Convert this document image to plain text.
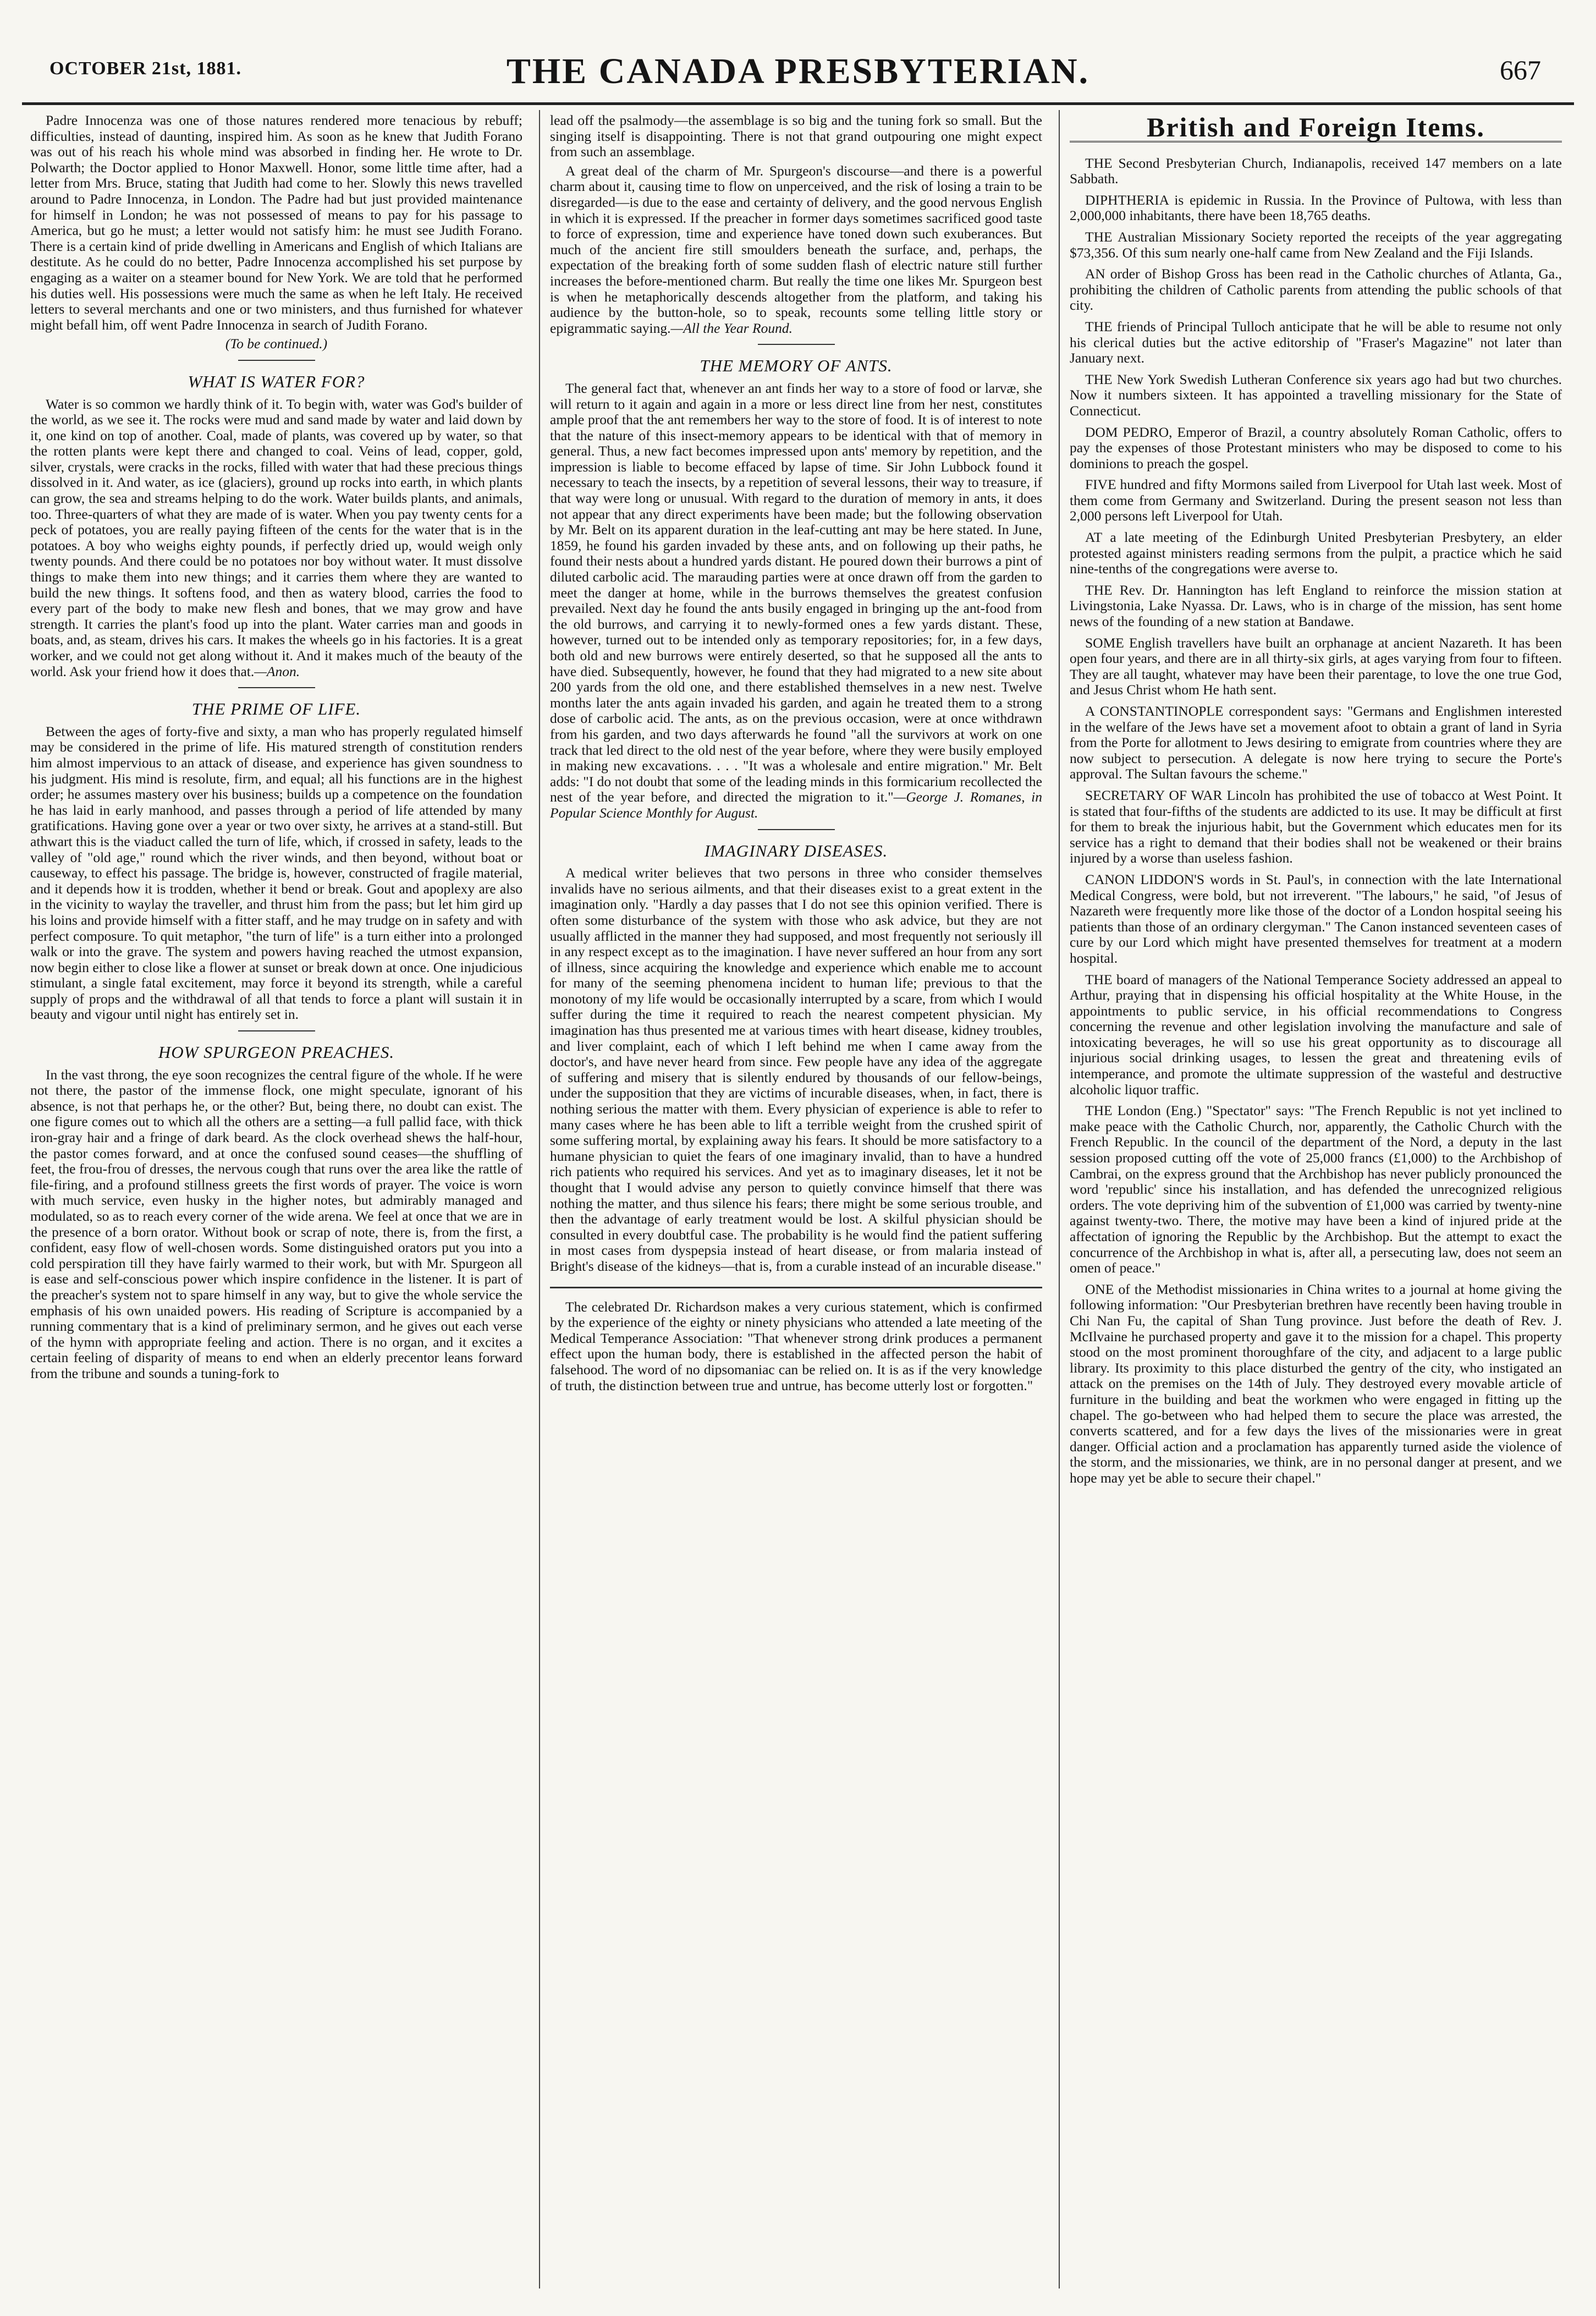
OCTOBER 21st, 1881.	THE CANADA PRESBYTERIAN.	667

Padre Innocenza was one of those natures rendered more tenacious by rebuff; difficulties, instead of daunting, inspired him. As soon as he knew that Judith Forano was out of his reach his whole mind was absorbed in finding her. He wrote to Dr. Polwarth; the Doctor applied to Honor Maxwell. Honor, some little time after, had a letter from Mrs. Bruce, stating that Judith had come to her. Slowly this news travelled around to Padre Innocenza, in London. The Padre had but just provided maintenance for himself in London; he was not possessed of means to pay for his passage to America, but go he must; a letter would not satisfy him: he must see Judith Forano. There is a certain kind of pride dwelling in Americans and English of which Italians are destitute. As he could do no better, Padre Innocenza accomplished his set purpose by engaging as a waiter on a steamer bound for New York. We are told that he performed his duties well. His possessions were much the same as when he left Italy. He received letters to several merchants and one or two ministers, and thus furnished for whatever might befall him, off went Padre Innocenza in search of Judith Forano.

(To be continued.)

WHAT IS WATER FOR?

Water is so common we hardly think of it. To begin with, water was God's builder of the world, as we see it. The rocks were mud and sand made by water and laid down by it, one kind on top of another. Coal, made of plants, was covered up by water, so that the rotten plants were kept there and changed to coal. Veins of lead, copper, gold, silver, crystals, were cracks in the rocks, filled with water that had these precious things dissolved in it. And water, as ice (glaciers), ground up rocks into earth, in which plants can grow, the sea and streams helping to do the work. Water builds plants, and animals, too. Three-quarters of what they are made of is water. When you pay twenty cents for a peck of potatoes, you are really paying fifteen of the cents for the water that is in the potatoes. A boy who weighs eighty pounds, if perfectly dried up, would weigh only twenty pounds. And there could be no potatoes nor boy without water. It must dissolve things to make them into new things; and it carries them where they are wanted to build the new things. It softens food, and then as watery blood, carries the food to every part of the body to make new flesh and bones, that we may grow and have strength. It carries the plant's food up into the plant. Water carries man and goods in boats, and, as steam, drives his cars. It makes the wheels go in his factories. It is a great worker, and we could not get along without it. And it makes much of the beauty of the world. Ask your friend how it does that.—Anon.

THE PRIME OF LIFE.

Between the ages of forty-five and sixty, a man who has properly regulated himself may be considered in the prime of life. His matured strength of constitution renders him almost impervious to an attack of disease, and experience has given soundness to his judgment. His mind is resolute, firm, and equal; all his functions are in the highest order; he assumes mastery over his business; builds up a competence on the foundation he has laid in early manhood, and passes through a period of life attended by many gratifications. Having gone over a year or two over sixty, he arrives at a stand-still. But athwart this is the viaduct called the turn of life, which, if crossed in safety, leads to the valley of "old age," round which the river winds, and then beyond, without boat or causeway, to effect his passage. The bridge is, however, constructed of fragile material, and it depends how it is trodden, whether it bend or break. Gout and apoplexy are also in the vicinity to waylay the traveller, and thrust him from the pass; but let him gird up his loins and provide himself with a fitter staff, and he may trudge on in safety and with perfect composure. To quit metaphor, "the turn of life" is a turn either into a prolonged walk or into the grave. The system and powers having reached the utmost expansion, now begin either to close like a flower at sunset or break down at once. One injudicious stimulant, a single fatal excitement, may force it beyond its strength, while a careful supply of props and the withdrawal of all that tends to force a plant will sustain it in beauty and vigour until night has entirely set in.

HOW SPURGEON PREACHES.

In the vast throng, the eye soon recognizes the central figure of the whole. If he were not there, the pastor of the immense flock, one might speculate, ignorant of his absence, is not that perhaps he, or the other? But, being there, no doubt can exist. The one figure comes out to which all the others are a setting—a full pallid face, with thick iron-gray hair and a fringe of dark beard. As the clock overhead shews the half-hour, the pastor comes forward, and at once the confused sound ceases—the shuffling of feet, the frou-frou of dresses, the nervous cough that runs over the area like the rattle of file-firing, and a profound stillness greets the first words of prayer. The voice is worn with much service, even husky in the higher notes, but admirably managed and modulated, so as to reach every corner of the wide arena. We feel at once that we are in the presence of a born orator. Without book or scrap of note, there is, from the first, a confident, easy flow of well-chosen words. Some distinguished orators put you into a cold perspiration till they have fairly warmed to their work, but with Mr. Spurgeon all is ease and self-conscious power which inspire confidence in the listener. It is part of the preacher's system not to spare himself in any way, but to give the whole service the emphasis of his own unaided powers. His reading of Scripture is accompanied by a running commentary that is a kind of preliminary sermon, and he gives out each verse of the hymn with appropriate feeling and action. There is no organ, and it excites a certain feeling of disparity of means to end when an elderly precentor leans forward from the tribune and sounds a tuning-fork to

lead off the psalmody—the assemblage is so big and the tuning fork so small. But the singing itself is disappointing. There is not that grand outpouring one might expect from such an assemblage.

A great deal of the charm of Mr. Spurgeon's discourse—and there is a powerful charm about it, causing time to flow on unperceived, and the risk of losing a train to be disregarded—is due to the ease and certainty of delivery, and the good nervous English in which it is expressed. If the preacher in former days sometimes sacrificed good taste to force of expression, time and experience have toned down such exuberances. But much of the ancient fire still smoulders beneath the surface, and, perhaps, the expectation of the breaking forth of some sudden flash of electric nature still further increases the before-mentioned charm. But really the time one likes Mr. Spurgeon best is when he metaphorically descends altogether from the platform, and taking his audience by the button-hole, so to speak, recounts some telling little story or epigrammatic saying.—All the Year Round.

THE MEMORY OF ANTS.

The general fact that, whenever an ant finds her way to a store of food or larvæ, she will return to it again and again in a more or less direct line from her nest, constitutes ample proof that the ant remembers her way to the store of food. It is of interest to note that the nature of this insect-memory appears to be identical with that of memory in general. Thus, a new fact becomes impressed upon ants' memory by repetition, and the impression is liable to become effaced by lapse of time. Sir John Lubbock found it necessary to teach the insects, by a repetition of several lessons, their way to treasure, if that way were long or unusual. With regard to the duration of memory in ants, it does not appear that any direct experiments have been made; but the following observation by Mr. Belt on its apparent duration in the leaf-cutting ant may be here stated. In June, 1859, he found his garden invaded by these ants, and on following up their paths, he found their nests about a hundred yards distant. He poured down their burrows a pint of diluted carbolic acid. The marauding parties were at once drawn off from the garden to meet the danger at home, while in the burrows themselves the greatest confusion prevailed. Next day he found the ants busily engaged in bringing up the ant-food from the old burrows, and carrying it to newly-formed ones a few yards distant. These, however, turned out to be intended only as temporary repositories; for, in a few days, both old and new burrows were entirely deserted, so that he supposed all the ants to have died. Subsequently, however, he found that they had migrated to a new site about 200 yards from the old one, and there established themselves in a new nest. Twelve months later the ants again invaded his garden, and again he treated them to a strong dose of carbolic acid. The ants, as on the previous occasion, were at once withdrawn from his garden, and two days afterwards he found "all the survivors at work on one track that led direct to the old nest of the year before, where they were busily employed in making new excavations. . . . "It was a wholesale and entire migration." Mr. Belt adds: "I do not doubt that some of the leading minds in this formicarium recollected the nest of the year before, and directed the migration to it."—George J. Romanes, in Popular Science Monthly for August.

IMAGINARY DISEASES.

A medical writer believes that two persons in three who consider themselves invalids have no serious ailments, and that their diseases exist to a great extent in the imagination only. "Hardly a day passes that I do not see this opinion verified. There is often some disturbance of the system with those who ask advice, but they are not usually afflicted in the manner they had supposed, and most frequently not seriously ill in any respect except as to the imagination. I have never suffered an hour from any sort of illness, since acquiring the knowledge and experience which enable me to account for many of the seeming phenomena incident to human life; previous to that the monotony of my life would be occasionally interrupted by a scare, from which I would suffer during the time it required to reach the nearest competent physician. My imagination has thus presented me at various times with heart disease, kidney troubles, and liver complaint, each of which I left behind me when I came away from the doctor's, and have never heard from since. Few people have any idea of the aggregate of suffering and misery that is silently endured by thousands of our fellow-beings, under the supposition that they are victims of incurable diseases, when, in fact, there is nothing serious the matter with them. Every physician of experience is able to refer to many cases where he has been able to lift a terrible weight from the crushed spirit of some suffering mortal, by explaining away his fears. It should be more satisfactory to a humane physician to quiet the fears of one imaginary invalid, than to have a hundred rich patients who required his services. And yet as to imaginary diseases, let it not be thought that I would advise any person to quietly convince himself that there was nothing the matter, and thus silence his fears; there might be some serious trouble, and then the advantage of early treatment would be lost. A skilful physician should be consulted in every doubtful case. The probability is he would find the patient suffering in most cases from dyspepsia instead of heart disease, or from malaria instead of Bright's disease of the kidneys—that is, from a curable instead of an incurable disease."

The celebrated Dr. Richardson makes a very curious statement, which is confirmed by the experience of the eighty or ninety physicians who attended a late meeting of the Medical Temperance Association: "That whenever strong drink produces a permanent effect upon the human body, there is established in the affected person the habit of falsehood. The word of no dipsomaniac can be relied on. It is as if the very knowledge of truth, the distinction between true and untrue, has become utterly lost or forgotten."

British and Foreign Items.

THE Second Presbyterian Church, Indianapolis, received 147 members on a late Sabbath.

DIPHTHERIA is epidemic in Russia. In the Province of Pultowa, with less than 2,000,000 inhabitants, there have been 18,765 deaths.

THE Australian Missionary Society reported the receipts of the year aggregating $73,356. Of this sum nearly one-half came from New Zealand and the Fiji Islands.

AN order of Bishop Gross has been read in the Catholic churches of Atlanta, Ga., prohibiting the children of Catholic parents from attending the public schools of that city.

THE friends of Principal Tulloch anticipate that he will be able to resume not only his clerical duties but the active editorship of "Fraser's Magazine" not later than January next.

THE New York Swedish Lutheran Conference six years ago had but two churches. Now it numbers sixteen. It has appointed a travelling missionary for the State of Connecticut.

DOM PEDRO, Emperor of Brazil, a country absolutely Roman Catholic, offers to pay the expenses of those Protestant ministers who may be disposed to come to his dominions to preach the gospel.

FIVE hundred and fifty Mormons sailed from Liverpool for Utah last week. Most of them come from Germany and Switzerland. During the present season not less than 2,000 persons left Liverpool for Utah.

AT a late meeting of the Edinburgh United Presbyterian Presbytery, an elder protested against ministers reading sermons from the pulpit, a practice which he said nine-tenths of the congregations were averse to.

THE Rev. Dr. Hannington has left England to reinforce the mission station at Livingstonia, Lake Nyassa. Dr. Laws, who is in charge of the mission, has sent home news of the founding of a new station at Bandawe.

SOME English travellers have built an orphanage at ancient Nazareth. It has been open four years, and there are in all thirty-six girls, at ages varying from four to fifteen. They are all taught, whatever may have been their parentage, to love the one true God, and Jesus Christ whom He hath sent.

A CONSTANTINOPLE correspondent says: "Germans and Englishmen interested in the welfare of the Jews have set a movement afoot to obtain a grant of land in Syria from the Porte for allotment to Jews desiring to emigrate from countries where they are now subject to persecution. A delegate is now here trying to secure the Porte's approval. The Sultan favours the scheme."

SECRETARY OF WAR Lincoln has prohibited the use of tobacco at West Point. It is stated that four-fifths of the students are addicted to its use. It may be difficult at first for them to break the injurious habit, but the Government which educates men for its service has a right to demand that their bodies shall not be weakened or their brains injured by a worse than useless fashion.

CANON LIDDON'S words in St. Paul's, in connection with the late International Medical Congress, were bold, but not irreverent. "The labours," he said, "of Jesus of Nazareth were frequently more like those of the doctor of a London hospital seeing his patients than those of an ordinary clergyman." The Canon instanced seventeen cases of cure by our Lord which might have presented themselves for treatment at a modern hospital.

THE board of managers of the National Temperance Society addressed an appeal to Arthur, praying that in dispensing his official hospitality at the White House, in the appointments to public service, in his official recommendations to Congress concerning the revenue and other legislation involving the manufacture and sale of intoxicating beverages, he will so use his great opportunity as to discourage all injurious social drinking usages, to lessen the great and threatening evils of intemperance, and promote the ultimate suppression of the wasteful and destructive alcoholic liquor traffic.

THE London (Eng.) "Spectator" says: "The French Republic is not yet inclined to make peace with the Catholic Church, nor, apparently, the Catholic Church with the French Republic. In the council of the department of the Nord, a deputy in the last session proposed cutting off the vote of 25,000 francs (£1,000) to the Archbishop of Cambrai, on the express ground that the Archbishop has never publicly pronounced the word 'republic' since his installation, and has defended the unrecognized religious orders. The vote depriving him of the subvention of £1,000 was carried by twenty-nine against twenty-two. There, the motive may have been a kind of injured pride at the affectation of ignoring the Republic by the Archbishop. But the attempt to exact the concurrence of the Archbishop in what is, after all, a persecuting law, does not seem an omen of peace."

ONE of the Methodist missionaries in China writes to a journal at home giving the following information: "Our Presbyterian brethren have recently been having trouble in Chi Nan Fu, the capital of Shan Tung province. Just before the death of Rev. J. McIlvaine he purchased property and gave it to the mission for a chapel. This property stood on the most prominent thoroughfare of the city, and adjacent to a large public library. Its proximity to this place disturbed the gentry of the city, who instigated an attack on the premises on the 14th of July. They destroyed every movable article of furniture in the building and beat the workmen who were engaged in fitting up the chapel. The go-between who had helped them to secure the place was arrested, the converts scattered, and for a few days the lives of the missionaries were in great danger. Official action and a proclamation has apparently turned aside the violence of the storm, and the missionaries, we think, are in no personal danger at present, and we hope may yet be able to secure their chapel."
